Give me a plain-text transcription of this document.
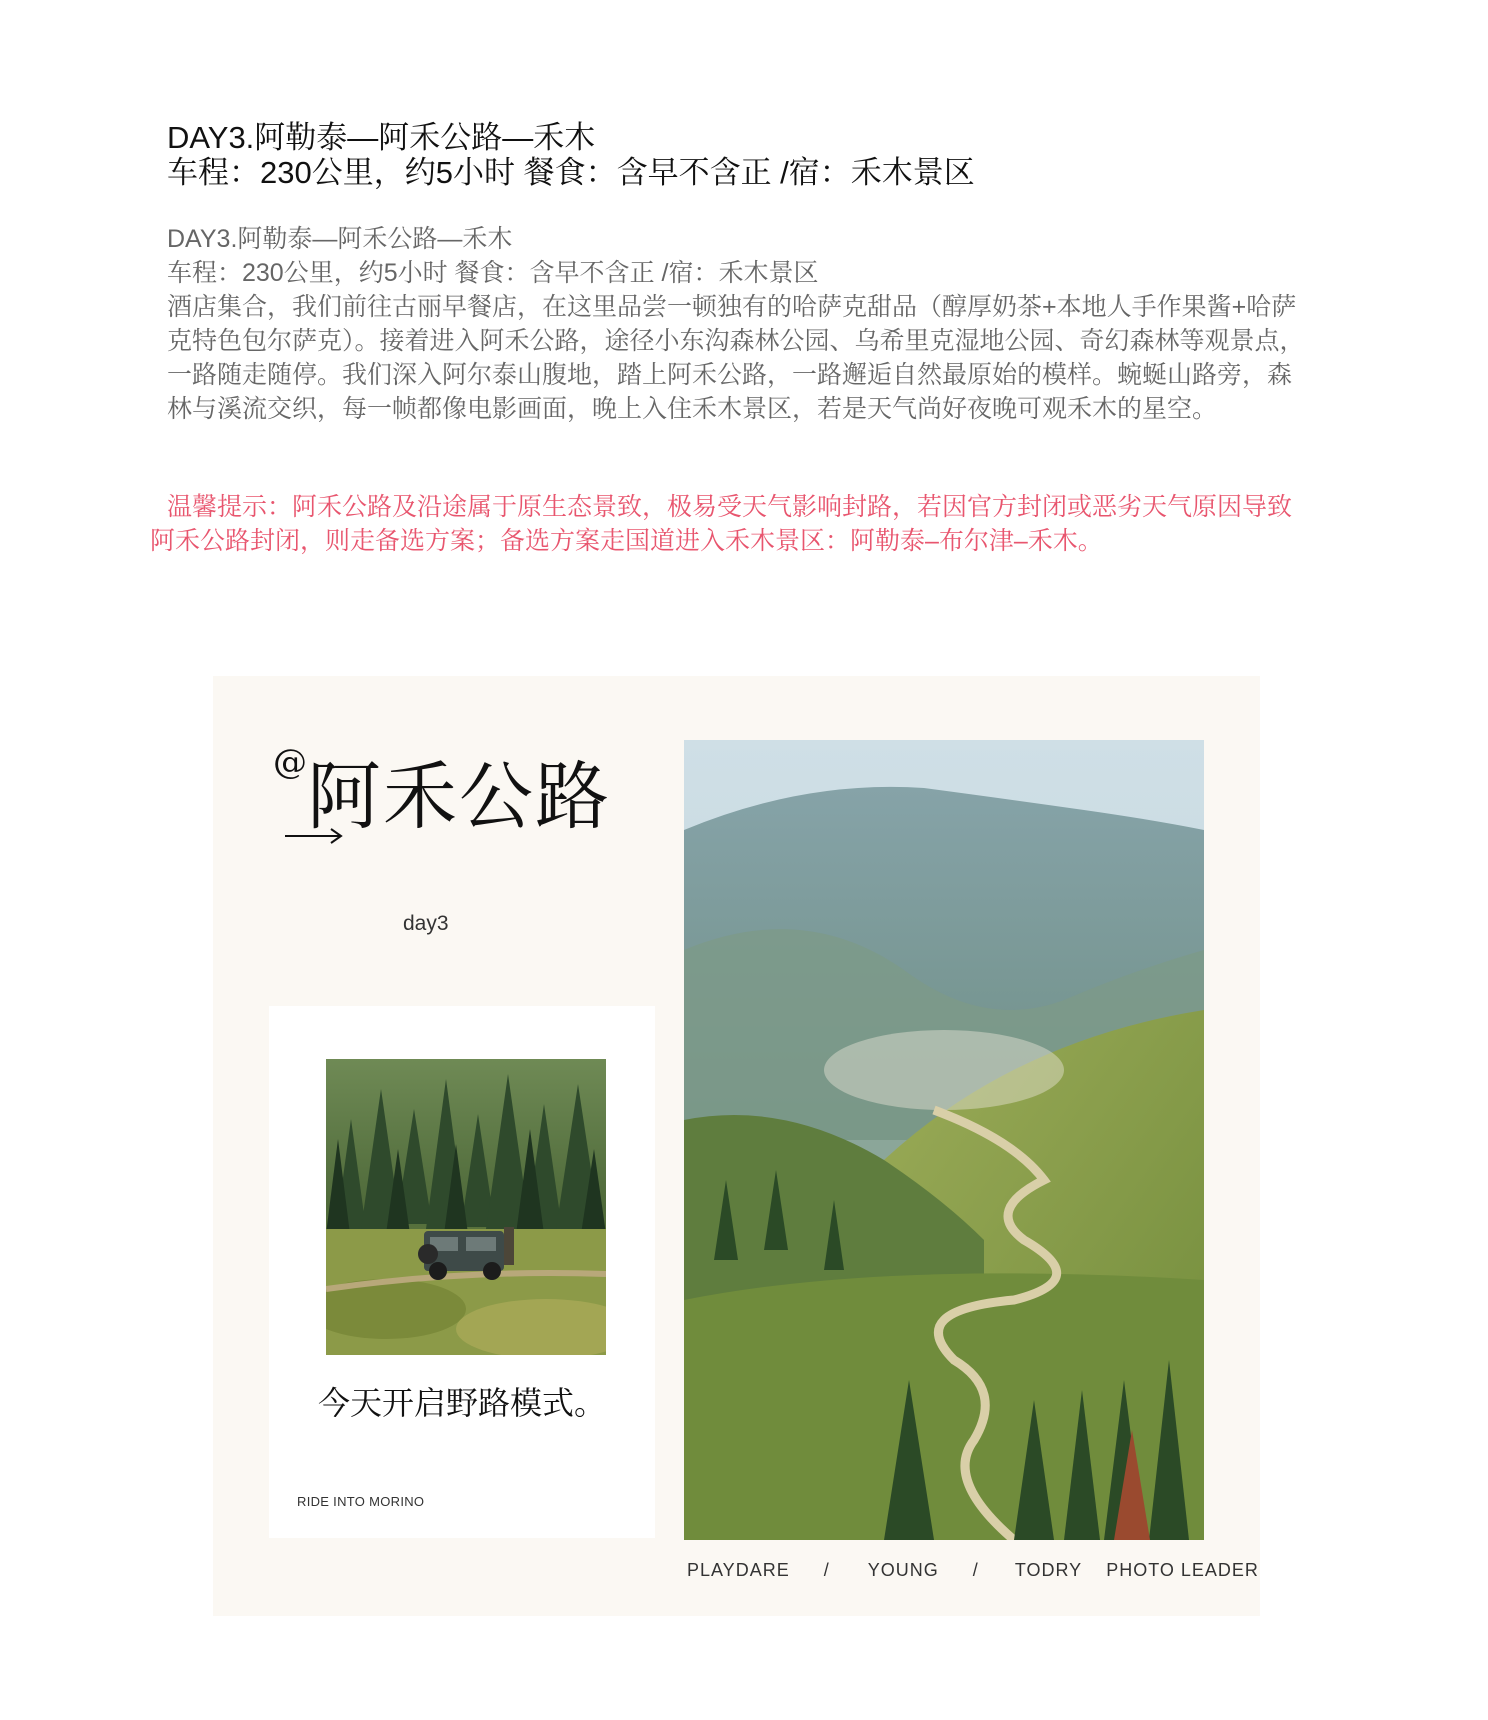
DAY3.阿勒泰—阿禾公路—禾木

车程：230公里，约5小时 餐食：含早不含正 /宿：禾木景区

DAY3.阿勒泰—阿禾公路—禾木

车程：230公里，约5小时 餐食：含早不含正 /宿：禾木景区

酒店集合，我们前往古丽早餐店，在这里品尝一顿独有的哈萨克甜品（醇厚奶茶+本地人手作果酱+哈萨克特色包尔萨克）。接着进入阿禾公路，途径小东沟森林公园、乌希里克湿地公园、奇幻森林等观景点，一路随走随停。我们深入阿尔泰山腹地，踏上阿禾公路，一路邂逅自然最原始的模样。蜿蜒山路旁，森林与溪流交织，每一帧都像电影画面，晚上入住禾木景区，若是天气尚好夜晚可观禾木的星空。

温馨提示：阿禾公路及沿途属于原生态景致，极易受天气影响封路，若因官方封闭或恶劣天气原因导致阿禾公路封闭，则走备选方案；备选方案走国道进入禾木景区：阿勒泰–布尔津–禾木。
@阿禾公路
day3
今天开启野路模式。
RIDE INTO MORINO
PLAYDARE / YOUNG / TODRY PHOTO LEADER
